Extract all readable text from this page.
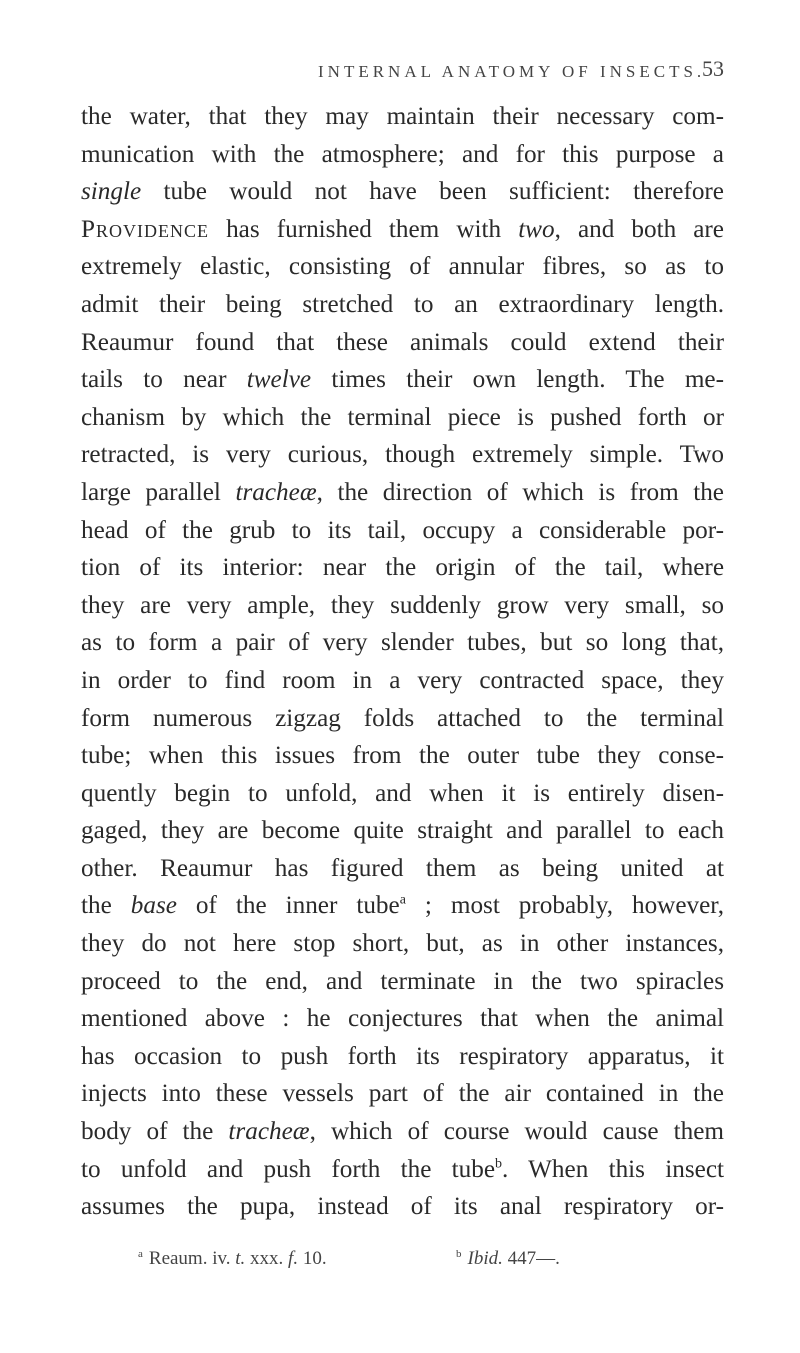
INTERNAL ANATOMY OF INSECTS.
53
the water, that they may maintain their necessary com-
munication with the atmosphere; and for this purpose a
single tube would not have been sufficient: therefore
Providence has furnished them with two, and both are
extremely elastic, consisting of annular fibres, so as to
admit their being stretched to an extraordinary length.
Reaumur found that these animals could extend their
tails to near twelve times their own length. The me-
chanism by which the terminal piece is pushed forth or
retracted, is very curious, though extremely simple. Two
large parallel tracheæ, the direction of which is from the
head of the grub to its tail, occupy a considerable por-
tion of its interior: near the origin of the tail, where
they are very ample, they suddenly grow very small, so
as to form a pair of very slender tubes, but so long that,
in order to find room in a very contracted space, they
form numerous zigzag folds attached to the terminal
tube; when this issues from the outer tube they conse-
quently begin to unfold, and when it is entirely disen-
gaged, they are become quite straight and parallel to each
other. Reaumur has figured them as being united at
the base of the inner tube$^a$ ; most probably, however,
they do not here stop short, but, as in other instances,
proceed to the end, and terminate in the two spiracles
mentioned above : he conjectures that when the animal
has occasion to push forth its respiratory apparatus, it
injects into these vessels part of the air contained in the
body of the tracheæ, which of course would cause them
to unfold and push forth the tube$^b$. When this insect
assumes the pupa, instead of its anal respiratory or-
$^a$ Reaum. iv. t. xxx. f. 10.	$^b$ Ibid. 447—.
